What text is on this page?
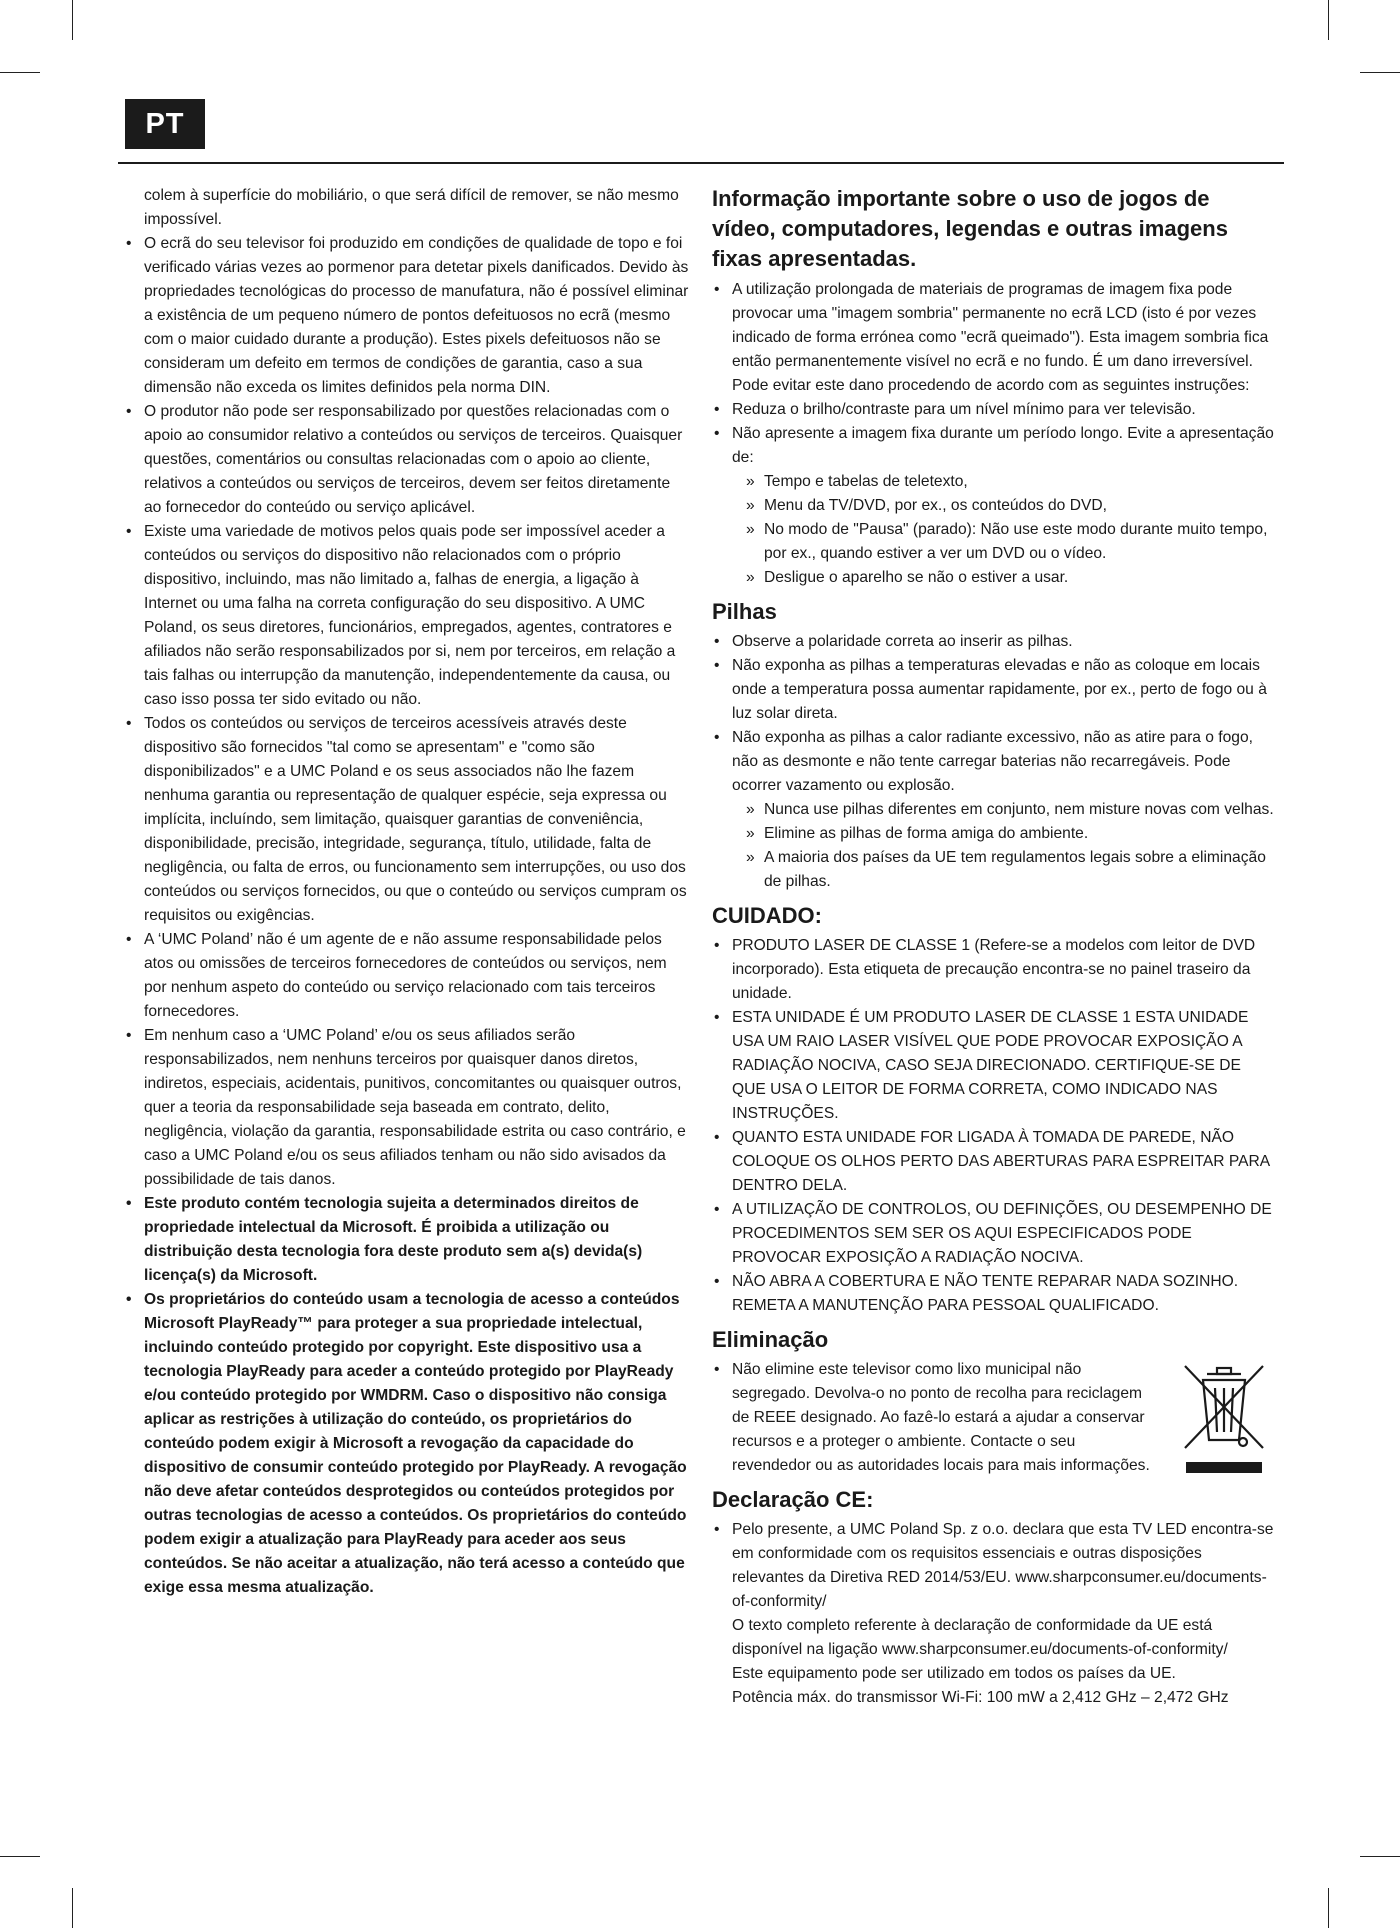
PT

colem à superfície do mobiliário, o que será difícil de remover, se não mesmo impossível.

• O ecrã do seu televisor foi produzido em condições de qualidade de topo e foi verificado várias vezes ao pormenor para detetar pixels danificados. Devido às propriedades tecnológicas do processo de manufatura, não é possível eliminar a existência de um pequeno número de pontos defeituosos no ecrã (mesmo com o maior cuidado durante a produção). Estes pixels defeituosos não se consideram um defeito em termos de condições de garantia, caso a sua dimensão não exceda os limites definidos pela norma DIN.
• O produtor não pode ser responsabilizado por questões relacionadas com o apoio ao consumidor relativo a conteúdos ou serviços de terceiros. Quaisquer questões, comentários ou consultas relacionadas com o apoio ao cliente, relativos a conteúdos ou serviços de terceiros, devem ser feitos diretamente ao fornecedor do conteúdo ou serviço aplicável.
• Existe uma variedade de motivos pelos quais pode ser impossível aceder a conteúdos ou serviços do dispositivo não relacionados com o próprio dispositivo, incluindo, mas não limitado a, falhas de energia, a ligação à Internet ou uma falha na correta configuração do seu dispositivo. A UMC Poland, os seus diretores, funcionários, empregados, agentes, contratores e afiliados não serão responsabilizados por si, nem por terceiros, em relação a tais falhas ou interrupção da manutenção, independentemente da causa, ou caso isso possa ter sido evitado ou não.
• Todos os conteúdos ou serviços de terceiros acessíveis através deste dispositivo são fornecidos "tal como se apresentam" e "como são disponibilizados" e a UMC Poland e os seus associados não lhe fazem nenhuma garantia ou representação de qualquer espécie, seja expressa ou implícita, incluíndo, sem limitação, quaisquer garantias de conveniência, disponibilidade, precisão, integridade, segurança, título, utilidade, falta de negligência, ou falta de erros, ou funcionamento sem interrupções, ou uso dos conteúdos ou serviços fornecidos, ou que o conteúdo ou serviços cumpram os requisitos ou exigências.
• A ‘UMC Poland’ não é um agente de e não assume responsabilidade pelos atos ou omissões de terceiros fornecedores de conteúdos ou serviços, nem por nenhum aspeto do conteúdo ou serviço relacionado com tais terceiros fornecedores.
• Em nenhum caso a ‘UMC Poland’ e/ou os seus afiliados serão responsabilizados, nem nenhuns terceiros por quaisquer danos diretos, indiretos, especiais, acidentais, punitivos, concomitantes ou quaisquer outros, quer a teoria da responsabilidade seja baseada em contrato, delito, negligência, violação da garantia, responsabilidade estrita ou caso contrário, e caso a UMC Poland e/ou os seus afiliados tenham ou não sido avisados da possibilidade de tais danos.
• Este produto contém tecnologia sujeita a determinados direitos de propriedade intelectual da Microsoft. É proibida a utilização ou distribuição desta tecnologia fora deste produto sem a(s) devida(s) licença(s) da Microsoft.
• Os proprietários do conteúdo usam a tecnologia de acesso a conteúdos Microsoft PlayReady™ para proteger a sua propriedade intelectual, incluindo conteúdo protegido por copyright. Este dispositivo usa a tecnologia PlayReady para aceder a conteúdo protegido por PlayReady e/ou conteúdo protegido por WMDRM. Caso o dispositivo não consiga aplicar as restrições à utilização do conteúdo, os proprietários do conteúdo podem exigir à Microsoft a revogação da capacidade do dispositivo de consumir conteúdo protegido por PlayReady. A revogação não deve afetar conteúdos desprotegidos ou conteúdos protegidos por outras tecnologias de acesso a conteúdos. Os proprietários do conteúdo podem exigir a atualização para PlayReady para aceder aos seus conteúdos. Se não aceitar a atualização, não terá acesso a conteúdo que exige essa mesma atualização.
Informação importante sobre o uso de jogos de vídeo, computadores, legendas e outras imagens fixas apresentadas.
• A utilização prolongada de materiais de programas de imagem fixa pode provocar uma "imagem sombria" permanente no ecrã LCD (isto é por vezes indicado de forma errónea como "ecrã queimado"). Esta imagem sombria fica então permanentemente visível no ecrã e no fundo. É um dano irreversível. Pode evitar este dano procedendo de acordo com as seguintes instruções:
• Reduza o brilho/contraste para um nível mínimo para ver televisão.
• Não apresente a imagem fixa durante um período longo. Evite a apresentação de:
» Tempo e tabelas de teletexto,
» Menu da TV/DVD, por ex., os conteúdos do DVD,
» No modo de "Pausa" (parado): Não use este modo durante muito tempo, por ex., quando estiver a ver um DVD ou o vídeo.
» Desligue o aparelho se não o estiver a usar.
Pilhas
• Observe a polaridade correta ao inserir as pilhas.
• Não exponha as pilhas a temperaturas elevadas e não as coloque em locais onde a temperatura possa aumentar rapidamente, por ex., perto de fogo ou à luz solar direta.
• Não exponha as pilhas a calor radiante excessivo, não as atire para o fogo, não as desmonte e não tente carregar baterias não recarregáveis. Pode ocorrer vazamento ou explosão.
» Nunca use pilhas diferentes em conjunto, nem misture novas com velhas.
» Elimine as pilhas de forma amiga do ambiente.
» A maioria dos países da UE tem regulamentos legais sobre a eliminação de pilhas.
CUIDADO:
• PRODUTO LASER DE CLASSE 1 (Refere-se a modelos com leitor de DVD incorporado). Esta etiqueta de precaução encontra-se no painel traseiro da unidade.
• ESTA UNIDADE É UM PRODUTO LASER DE CLASSE 1 ESTA UNIDADE USA UM RAIO LASER VISÍVEL QUE PODE PROVOCAR EXPOSIÇÃO A RADIAÇÃO NOCIVA, CASO SEJA DIRECIONADO. CERTIFIQUE-SE DE QUE USA O LEITOR DE FORMA CORRETA, COMO INDICADO NAS INSTRUÇÕES.
• QUANTO ESTA UNIDADE FOR LIGADA À TOMADA DE PAREDE, NÃO COLOQUE OS OLHOS PERTO DAS ABERTURAS PARA ESPREITAR PARA DENTRO DELA.
• A UTILIZAÇÃO DE CONTROLOS, OU DEFINIÇÕES, OU DESEMPENHO DE PROCEDIMENTOS SEM SER OS AQUI ESPECIFICADOS PODE PROVOCAR EXPOSIÇÃO A RADIAÇÃO NOCIVA.
• NÃO ABRA A COBERTURA E NÃO TENTE REPARAR NADA SOZINHO. REMETA A MANUTENÇÃO PARA PESSOAL QUALIFICADO.
Eliminação
• Não elimine este televisor como lixo municipal não segregado. Devolva-o no ponto de recolha para reciclagem de REEE designado. Ao fazê-lo estará a ajudar a conservar recursos e a proteger o ambiente. Contacte o seu revendedor ou as autoridades locais para mais informações.
Declaração CE:
• Pelo presente, a UMC Poland Sp. z o.o. declara que esta TV LED encontra-se em conformidade com os requisitos essenciais e outras disposições relevantes da Diretiva RED 2014/53/EU. www.sharpconsumer.eu/documents-of-conformity/
O texto completo referente à declaração de conformidade da UE está disponível na ligação www.sharpconsumer.eu/documents-of-conformity/
Este equipamento pode ser utilizado em todos os países da UE.
Potência máx. do transmissor Wi-Fi: 100 mW a 2,412 GHz – 2,472 GHz
